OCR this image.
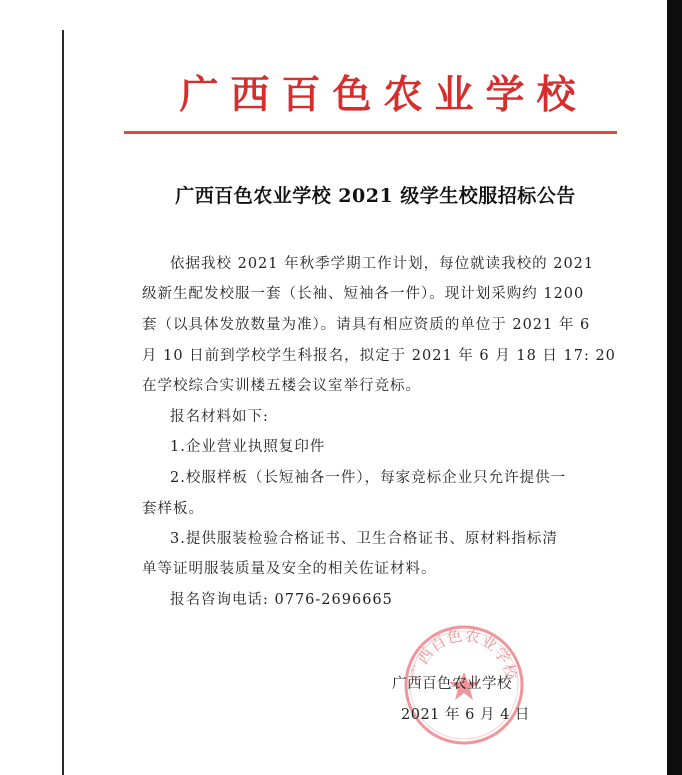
广西百色农业学校
广西百色农业学校 2021 级学生校服招标公告
依据我校 2021 年秋季学期工作计划，每位就读我校的 2021
级新生配发校服一套（长袖、短袖各一件）。现计划采购约 1200
套（以具体发放数量为准）。请具有相应资质的单位于 2021 年 6
月 10 日前到学校学生科报名，拟定于 2021 年 6 月 18 日 17: 20
在学校综合实训楼五楼会议室举行竞标。
报名材料如下:
1.企业营业执照复印件
2.校服样板（长短袖各一件），每家竞标企业只允许提供一
套样板。
3.提供服装检验合格证书、卫生合格证书、原材料指标清
单等证明服装质量及安全的相关佐证材料。
报名咨询电话: 0776-2696665
广西百色农业学校
广西百色农业学校
2021 年 6 月 4 日
